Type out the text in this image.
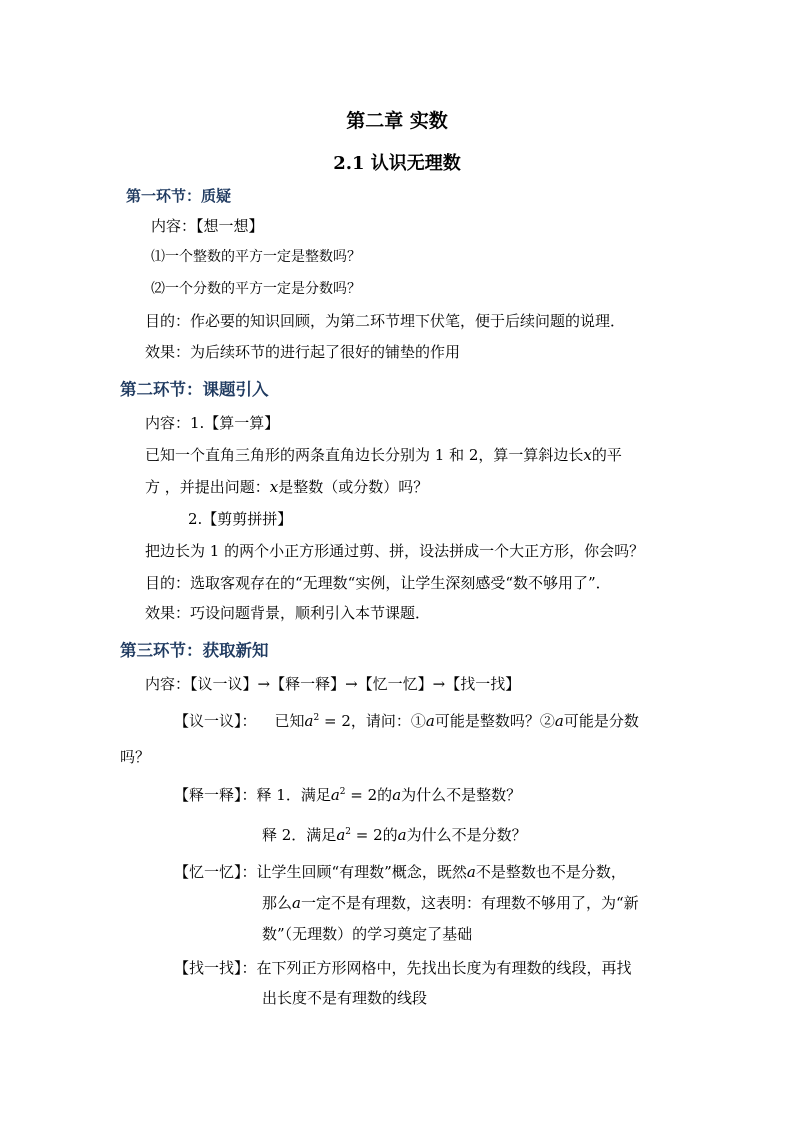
第二章 实数
2.1 认识无理数
第一环节：质疑
内容：【想一想】
⑴一个整数的平方一定是整数吗？
⑵一个分数的平方一定是分数吗？
目的：作必要的知识回顾，为第二环节埋下伏笔，便于后续问题的说理．
效果：为后续环节的进行起了很好的铺垫的作用
第二环节：课题引入
内容：1.【算一算】
已知一个直角三角形的两条直角边长分别为 1 和 2，算一算斜边长x的平
方 ，并提出问题：x是整数（或分数）吗？
2.【剪剪拼拼】
把边长为 1 的两个小正方形通过剪、拼，设法拼成一个大正方形，你会吗？
目的：选取客观存在的“无理数“实例，让学生深刻感受“数不够用了”．
效果：巧设问题背景，顺利引入本节课题．
第三环节：获取新知
内容：【议一议】→【释一释】→【忆一忆】→【找一找】
【议一议】： 已知$a^2 = 2$，请问：①a可能是整数吗？②a可能是分数
吗？
【释一释】：释 1．满足$a^2 = 2$的a为什么不是整数？
释 2．满足$a^2 = 2$的a为什么不是分数？
【忆一忆】：让学生回顾“有理数”概念，既然a不是整数也不是分数，
那么a一定不是有理数，这表明：有理数不够用了，为“新
数”（无理数）的学习奠定了基础
【找一找】：在下列正方形网格中，先找出长度为有理数的线段，再找
出长度不是有理数的线段
